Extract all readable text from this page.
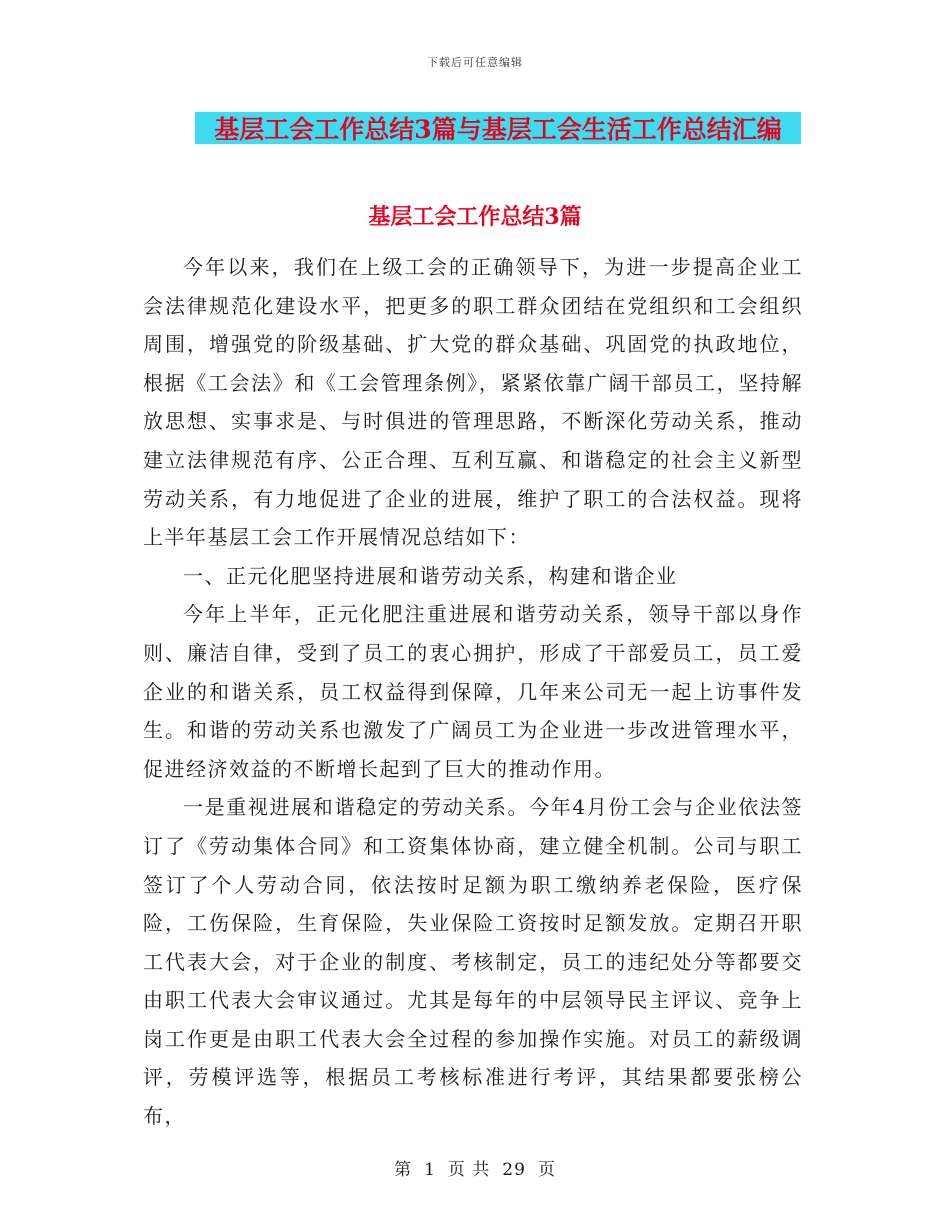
下载后可任意编辑
基层工会工作总结3篇与基层工会生活工作总结汇编
基层工会工作总结3篇

今年以来，我们在上级工会的正确领导下，为进一步提高企业工会法律规范化建设水平，把更多的职工群众团结在党组织和工会组织周围，增强党的阶级基础、扩大党的群众基础、巩固党的执政地位，根据《工会法》和《工会管理条例》，紧紧依靠广阔干部员工，坚持解放思想、实事求是、与时俱进的管理思路，不断深化劳动关系，推动建立法律规范有序、公正合理、互利互赢、和谐稳定的社会主义新型劳动关系，有力地促进了企业的进展，维护了职工的合法权益。现将上半年基层工会工作开展情况总结如下：

一、正元化肥坚持进展和谐劳动关系，构建和谐企业

今年上半年，正元化肥注重进展和谐劳动关系，领导干部以身作则、廉洁自律，受到了员工的衷心拥护，形成了干部爱员工，员工爱企业的和谐关系，员工权益得到保障，几年来公司无一起上访事件发生。和谐的劳动关系也激发了广阔员工为企业进一步改进管理水平，促进经济效益的不断增长起到了巨大的推动作用。

一是重视进展和谐稳定的劳动关系。今年4月份工会与企业依法签订了《劳动集体合同》和工资集体协商，建立健全机制。公司与职工签订了个人劳动合同，依法按时足额为职工缴纳养老保险，医疗保险，工伤保险，生育保险，失业保险工资按时足额发放。定期召开职工代表大会，对于企业的制度、考核制定，员工的违纪处分等都要交由职工代表大会审议通过。尤其是每年的中层领导民主评议、竞争上岗工作更是由职工代表大会全过程的参加操作实施。对员工的薪级调评，劳模评选等，根据员工考核标准进行考评，其结果都要张榜公布，

第 1 页 共 29 页
